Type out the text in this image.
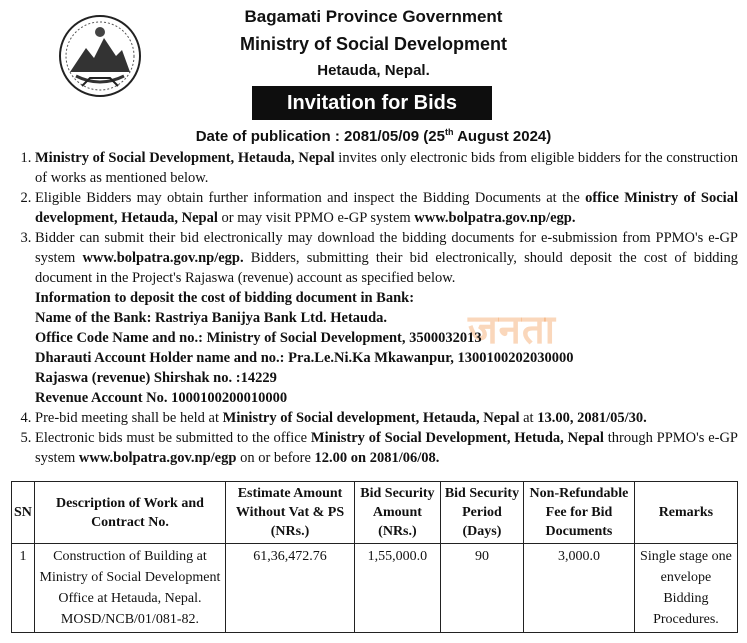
Bagamati Province Government
Ministry of Social Development
Hetauda, Nepal.
Invitation for Bids
Date of publication : 2081/05/09 (25th August 2024)
जनता
1. Ministry of Social Development, Hetauda, Nepal invites only electronic bids from eligible bidders for the construction of works as mentioned below.
2. Eligible Bidders may obtain further information and inspect the Bidding Documents at the office Ministry of Social development, Hetauda, Nepal or may visit PPMO e-GP system www.bolpatra.gov.np/egp.
3. Bidder can submit their bid electronically may download the bidding documents for e-submission from PPMO's e-GP system www.bolpatra.gov.np/egp. Bidders, submitting their bid electronically, should deposit the cost of bidding document in the Project's Rajaswa (revenue) account as specified below.
Information to deposit the cost of bidding document in Bank:
Name of the Bank: Rastriya Banijya Bank Ltd. Hetauda.
Office Code Name and no.: Ministry of Social Development, 3500032013
Dharauti Account Holder name and no.: Pra.Le.Ni.Ka Mkawanpur, 1300100202030000
Rajaswa (revenue) Shirshak no. :14229
Revenue Account No. 1000100200010000
4. Pre-bid meeting shall be held at Ministry of Social development, Hetauda, Nepal at 13.00, 2081/05/30.
5. Electronic bids must be submitted to the office Ministry of Social Development, Hetuda, Nepal through PPMO's e-GP system www.bolpatra.gov.np/egp on or before 12.00 on 2081/06/08.
SN	Description of Work and Contract No.	Estimate Amount Without Vat & PS (NRs.)	Bid Security Amount (NRs.)	Bid Security Period (Days)	Non-Refundable Fee for Bid Documents	Remarks
1	Construction of Building at Ministry of Social Development Office at Hetauda, Nepal. MOSD/NCB/01/081-82.	61,36,472.76	1,55,000.0	90	3,000.0	Single stage one envelope Bidding Procedures.
